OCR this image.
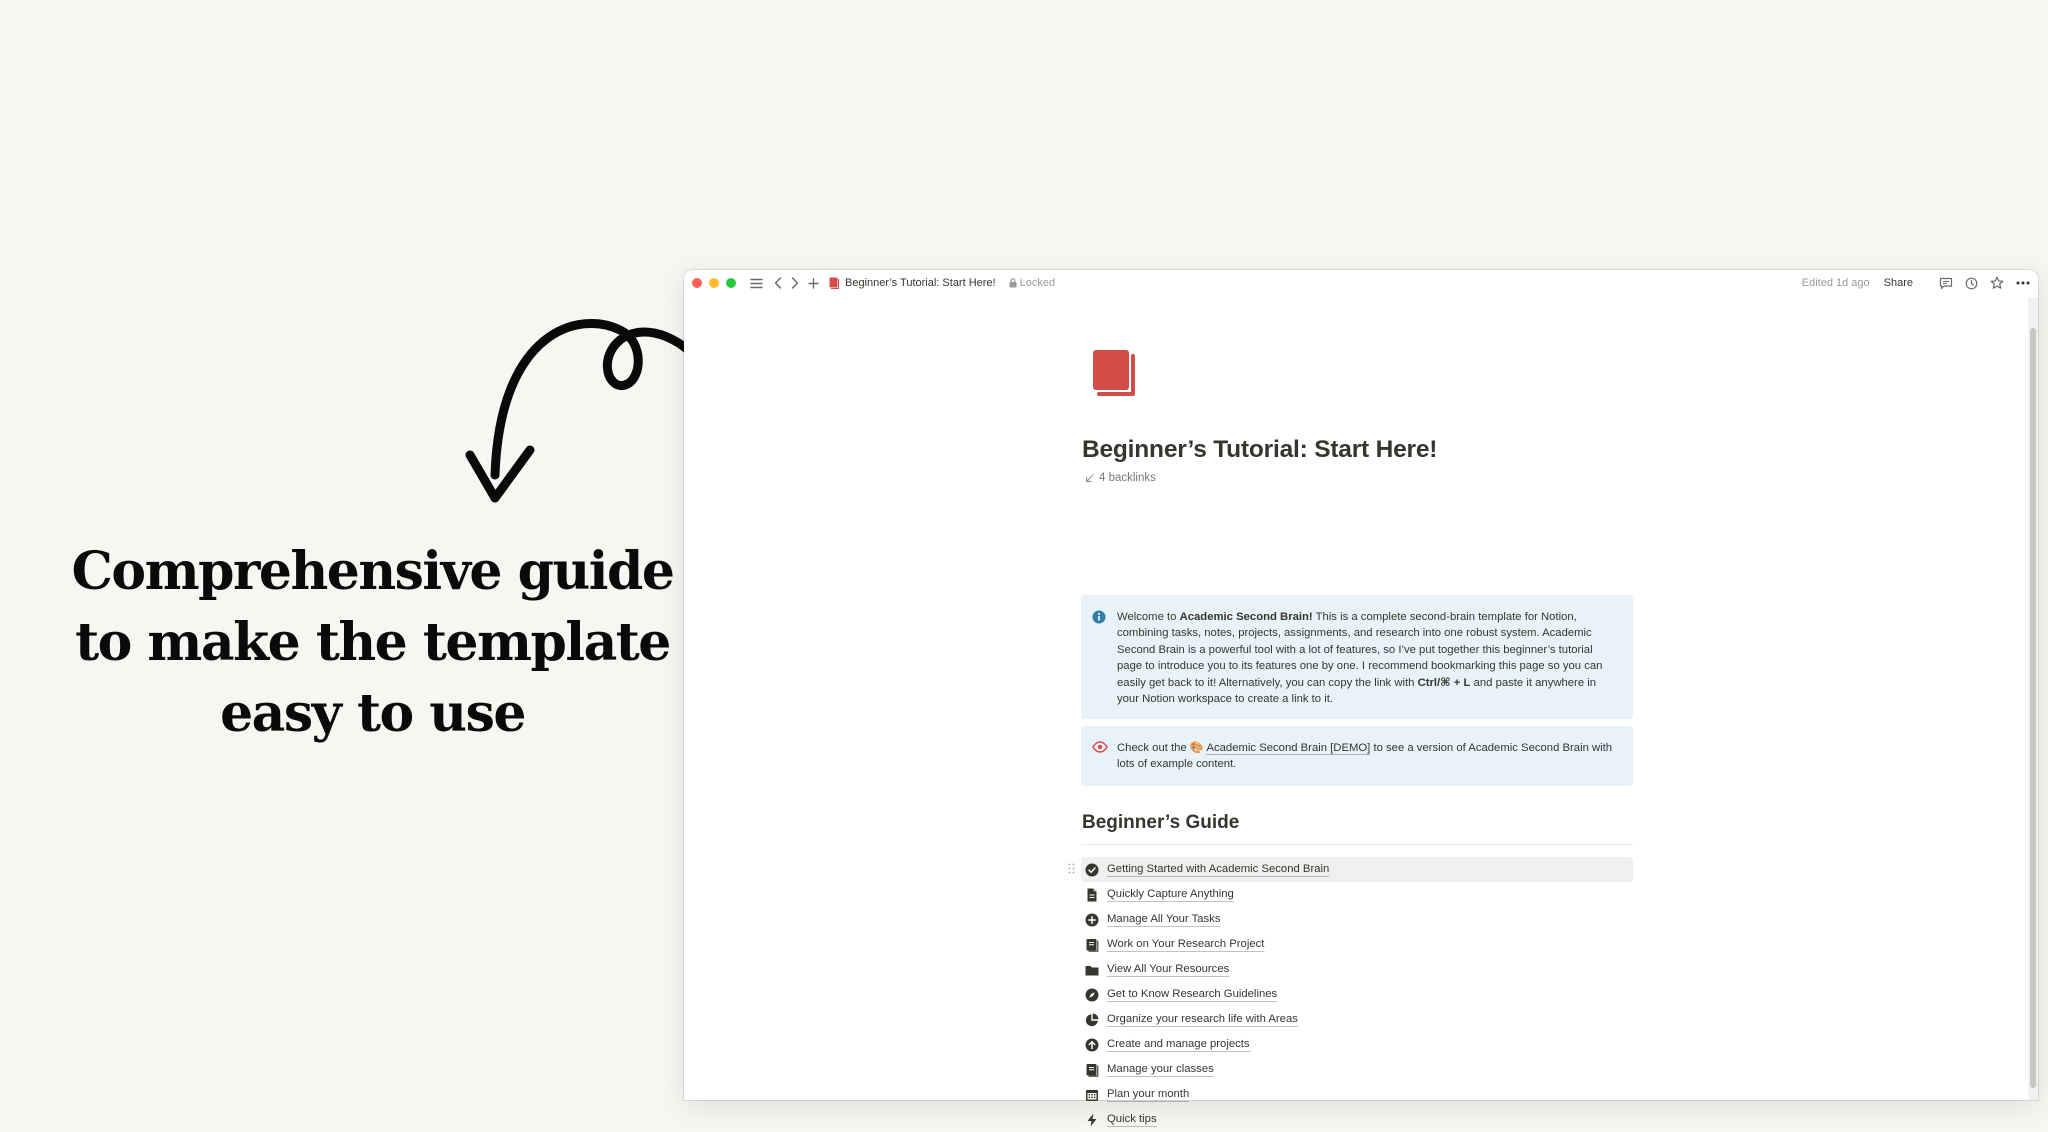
Comprehensive guide
to make the template
easy to use
Beginner’s Tutorial: Start Here! Locked	Edited 1d ago Share
Beginner’s Tutorial: Start Here!
4 backlinks
Welcome to Academic Second Brain! This is a complete second-brain template for Notion, combining tasks, notes, projects, assignments, and research into one robust system. Academic Second Brain is a powerful tool with a lot of features, so I’ve put together this beginner’s tutorial page to introduce you to its features one by one. I recommend bookmarking this page so you can easily get back to it! Alternatively, you can copy the link with Ctrl/⌘ + L and paste it anywhere in your Notion workspace to create a link to it.
Check out the 🎨 Academic Second Brain [DEMO] to see a version of Academic Second Brain with lots of example content.
Beginner’s Guide
Getting Started with Academic Second Brain
Quickly Capture Anything
Manage All Your Tasks
Work on Your Research Project
View All Your Resources
Get to Know Research Guidelines
Organize your research life with Areas
Create and manage projects
Manage your classes
Plan your month
Quick tips
